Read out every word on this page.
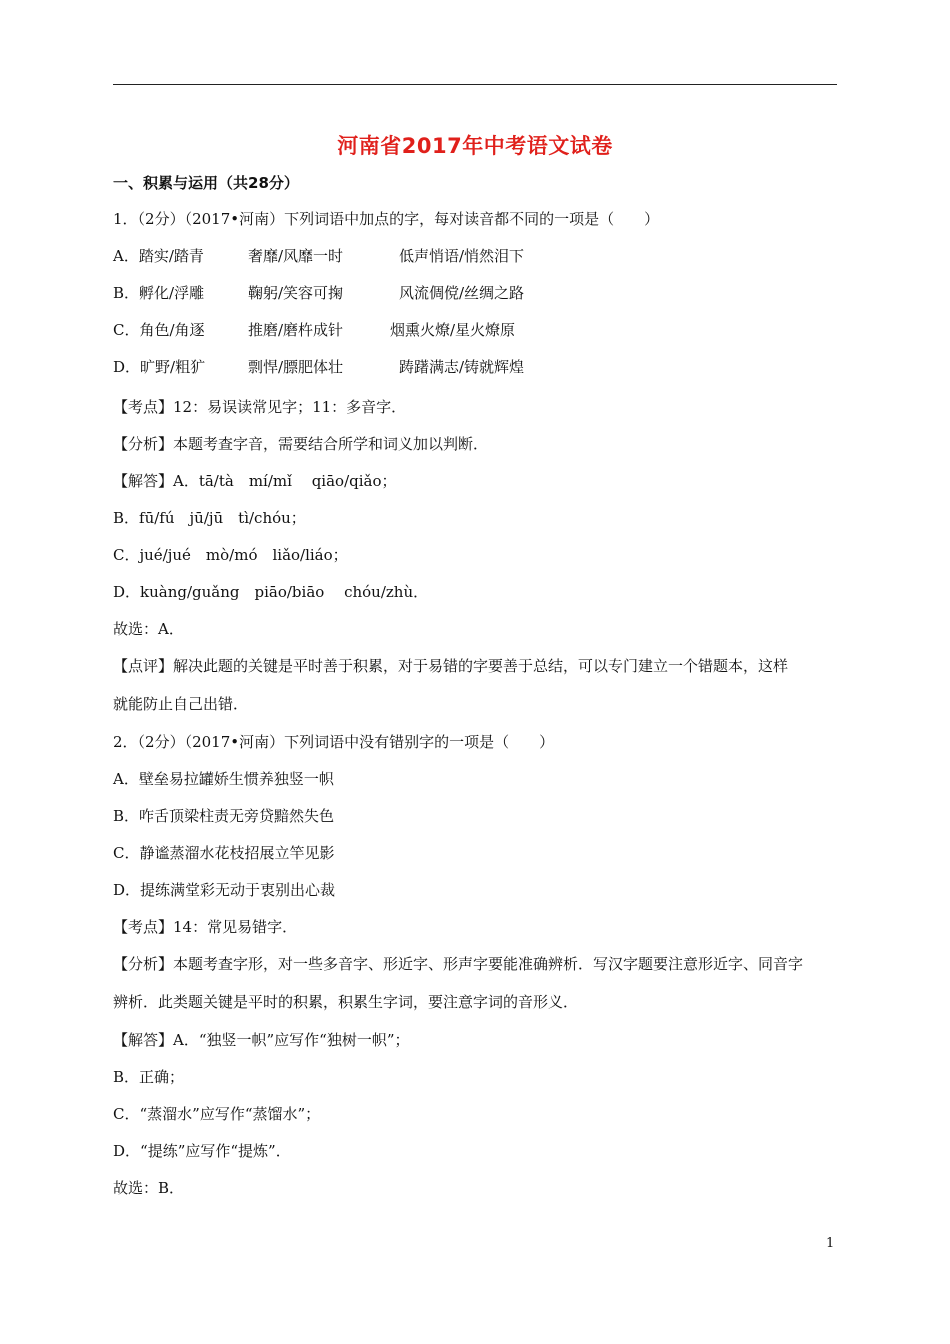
河南省2017年中考语文试卷
一、积累与运用（共28分）
1．（2分）（2017•河南）下列词语中加点的字，每对读音都不同的一项是（　　）
A．踏实/踏青	奢靡/风靡一时	低声悄语/悄然泪下
B．孵化/浮雕	鞠躬/笑容可掬	风流倜傥/丝绸之路
C．角色/角逐	推磨/磨杵成针	烟熏火燎/星火燎原
D．旷野/粗犷	剽悍/膘肥体壮	踌躇满志/铸就辉煌
【考点】12：易误读常见字；11：多音字．
【分析】本题考查字音，需要结合所学和词义加以判断．
【解答】A．tā/tà　mí/mǐ　 qiāo/qiǎo；
B．fū/fú　jū/jū　tì/chóu；
C．jué/jué　mò/mó　liǎo/liáo；
D．kuàng/guǎng　piāo/biāo　 chóu/zhù．
故选：A．
【点评】解决此题的关键是平时善于积累，对于易错的字要善于总结，可以专门建立一个错题本，这样
就能防止自己出错．
2．（2分）（2017•河南）下列词语中没有错别字的一项是（　　）
A．壁垒易拉罐娇生惯养独竖一帜
B．咋舌顶梁柱责无旁贷黯然失色
C．静谧蒸溜水花枝招展立竿见影
D．提练满堂彩无动于衷别出心裁
【考点】14：常见易错字．
【分析】本题考查字形，对一些多音字、形近字、形声字要能准确辨析．写汉字题要注意形近字、同音字
辨析．此类题关键是平时的积累，积累生字词，要注意字词的音形义．
【解答】A．“独竖一帜”应写作“独树一帜”；
B．正确；
C．“蒸溜水”应写作“蒸馏水”；
D．“提练”应写作“提炼”．
故选：B．
1
